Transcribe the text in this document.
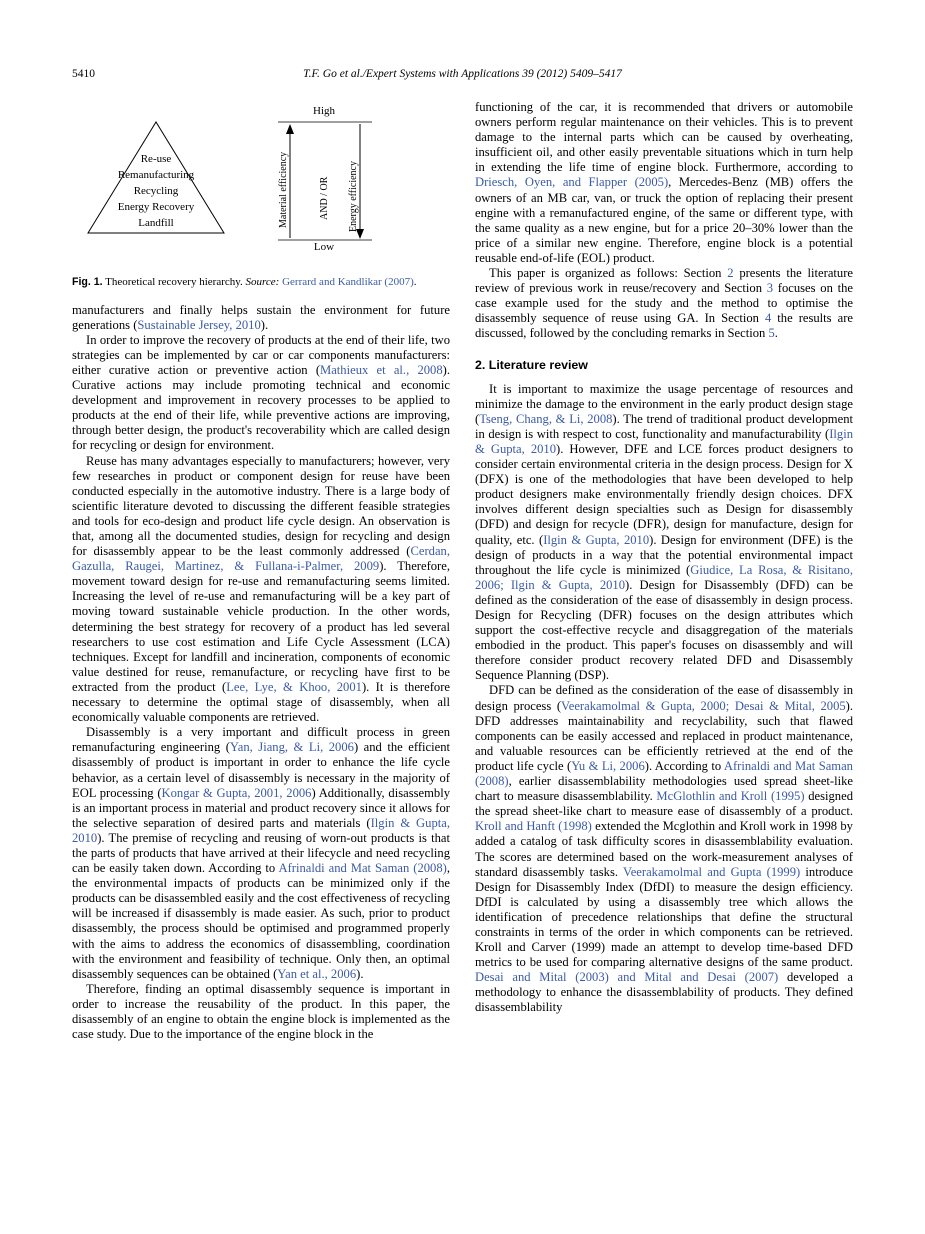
5410	T.F. Go et al./Expert Systems with Applications 39 (2012) 5409–5417
Re-use
Remanufacturing
Recycling
Energy Recovery
Landfill
High
Low
Material efficiency	AND / OR Energy efficiency

Fig. 1. Theoretical recovery hierarchy. Source: Gerrard and Kandlikar (2007).

manufacturers and finally helps sustain the environment for future generations (Sustainable Jersey, 2010).

In order to improve the recovery of products at the end of their life, two strategies can be implemented by car or car components manufacturers: either curative action or preventive action (Mathieux et al., 2008). Curative actions may include promoting technical and economic development and improvement in recovery processes to be applied to products at the end of their life, while preventive actions are improving, through better design, the product's recoverability which are called design for recycling or design for environment.

Reuse has many advantages especially to manufacturers; however, very few researches in product or component design for reuse have been conducted especially in the automotive industry. There is a large body of scientific literature devoted to discussing the different feasible strategies and tools for eco-design and product life cycle design. An observation is that, among all the documented studies, design for recycling and design for disassembly appear to be the least commonly addressed (Cerdan, Gazulla, Raugei, Martinez, & Fullana-i-Palmer, 2009). Therefore, movement toward design for re-use and remanufacturing seems limited. Increasing the level of re-use and remanufacturing will be a key part of moving toward sustainable vehicle production. In the other words, determining the best strategy for recovery of a product has led several researchers to use cost estimation and Life Cycle Assessment (LCA) techniques. Except for landfill and incineration, components of economic value destined for reuse, remanufacture, or recycling have first to be extracted from the product (Lee, Lye, & Khoo, 2001). It is therefore necessary to determine the optimal stage of disassembly, when all economically valuable components are retrieved.

Disassembly is a very important and difficult process in green remanufacturing engineering (Yan, Jiang, & Li, 2006) and the efficient disassembly of product is important in order to enhance the life cycle behavior, as a certain level of disassembly is necessary in the majority of EOL processing (Kongar & Gupta, 2001, 2006) Additionally, disassembly is an important process in material and product recovery since it allows for the selective separation of desired parts and materials (Ilgin & Gupta, 2010). The premise of recycling and reusing of worn-out products is that the parts of products that have arrived at their lifecycle and need recycling can be easily taken down. According to Afrinaldi and Mat Saman (2008), the environmental impacts of products can be minimized only if the products can be disassembled easily and the cost effectiveness of recycling will be increased if disassembly is made easier. As such, prior to product disassembly, the process should be optimised and programmed properly with the aims to address the economics of disassembling, coordination with the environment and feasibility of technique. Only then, an optimal disassembly sequences can be obtained (Yan et al., 2006).

Therefore, finding an optimal disassembly sequence is important in order to increase the reusability of the product. In this paper, the disassembly of an engine to obtain the engine block is implemented as the case study. Due to the importance of the engine block in the

functioning of the car, it is recommended that drivers or automobile owners perform regular maintenance on their vehicles. This is to prevent damage to the internal parts which can be caused by overheating, insufficient oil, and other easily preventable situations which in turn help in extending the life time of engine block. Furthermore, according to Driesch, Oyen, and Flapper (2005), Mercedes-Benz (MB) offers the owners of an MB car, van, or truck the option of replacing their present engine with a remanufactured engine, of the same or different type, with the same quality as a new engine, but for a price 20–30% lower than the price of a similar new engine. Therefore, engine block is a potential reusable end-of-life (EOL) product.

This paper is organized as follows: Section 2 presents the literature review of previous work in reuse/recovery and Section 3 focuses on the case example used for the study and the method to optimise the disassembly sequence of reuse using GA. In Section 4 the results are discussed, followed by the concluding remarks in Section 5.

2. Literature review

It is important to maximize the usage percentage of resources and minimize the damage to the environment in the early product design stage (Tseng, Chang, & Li, 2008). The trend of traditional product development in design is with respect to cost, functionality and manufacturability (Ilgin & Gupta, 2010). However, DFE and LCE forces product designers to consider certain environmental criteria in the design process. Design for X (DFX) is one of the methodologies that have been developed to help product designers make environmentally friendly design choices. DFX involves different design specialties such as Design for disassembly (DFD) and design for recycle (DFR), design for manufacture, design for quality, etc. (Ilgin & Gupta, 2010). Design for environment (DFE) is the design of products in a way that the potential environmental impact throughout the life cycle is minimized (Giudice, La Rosa, & Risitano, 2006; Ilgin & Gupta, 2010). Design for Disassembly (DFD) can be defined as the consideration of the ease of disassembly in design process. Design for Recycling (DFR) focuses on the design attributes which support the cost-effective recycle and disaggregation of the materials embodied in the product. This paper's focuses on disassembly and will therefore consider product recovery related DFD and Disassembly Sequence Planning (DSP).

DFD can be defined as the consideration of the ease of disassembly in design process (Veerakamolmal & Gupta, 2000; Desai & Mital, 2005). DFD addresses maintainability and recyclability, such that flawed components can be easily accessed and replaced in product maintenance, and valuable resources can be efficiently retrieved at the end of the product life cycle (Yu & Li, 2006). According to Afrinaldi and Mat Saman (2008), earlier disassemblability methodologies used spread sheet-like chart to measure disassemblability. McGlothlin and Kroll (1995) designed the spread sheet-like chart to measure ease of disassembly of a product. Kroll and Hanft (1998) extended the Mcglothin and Kroll work in 1998 by added a catalog of task difficulty scores in disassemblability evaluation. The scores are determined based on the work-measurement analyses of standard disassembly tasks. Veerakamolmal and Gupta (1999) introduce Design for Disassembly Index (DfDI) to measure the design efficiency. DfDI is calculated by using a disassembly tree which allows the identification of precedence relationships that define the structural constraints in terms of the order in which components can be retrieved. Kroll and Carver (1999) made an attempt to develop time-based DFD metrics to be used for comparing alternative designs of the same product. Desai and Mital (2003) and Mital and Desai (2007) developed a methodology to enhance the disassemblability of products. They defined disassemblability
